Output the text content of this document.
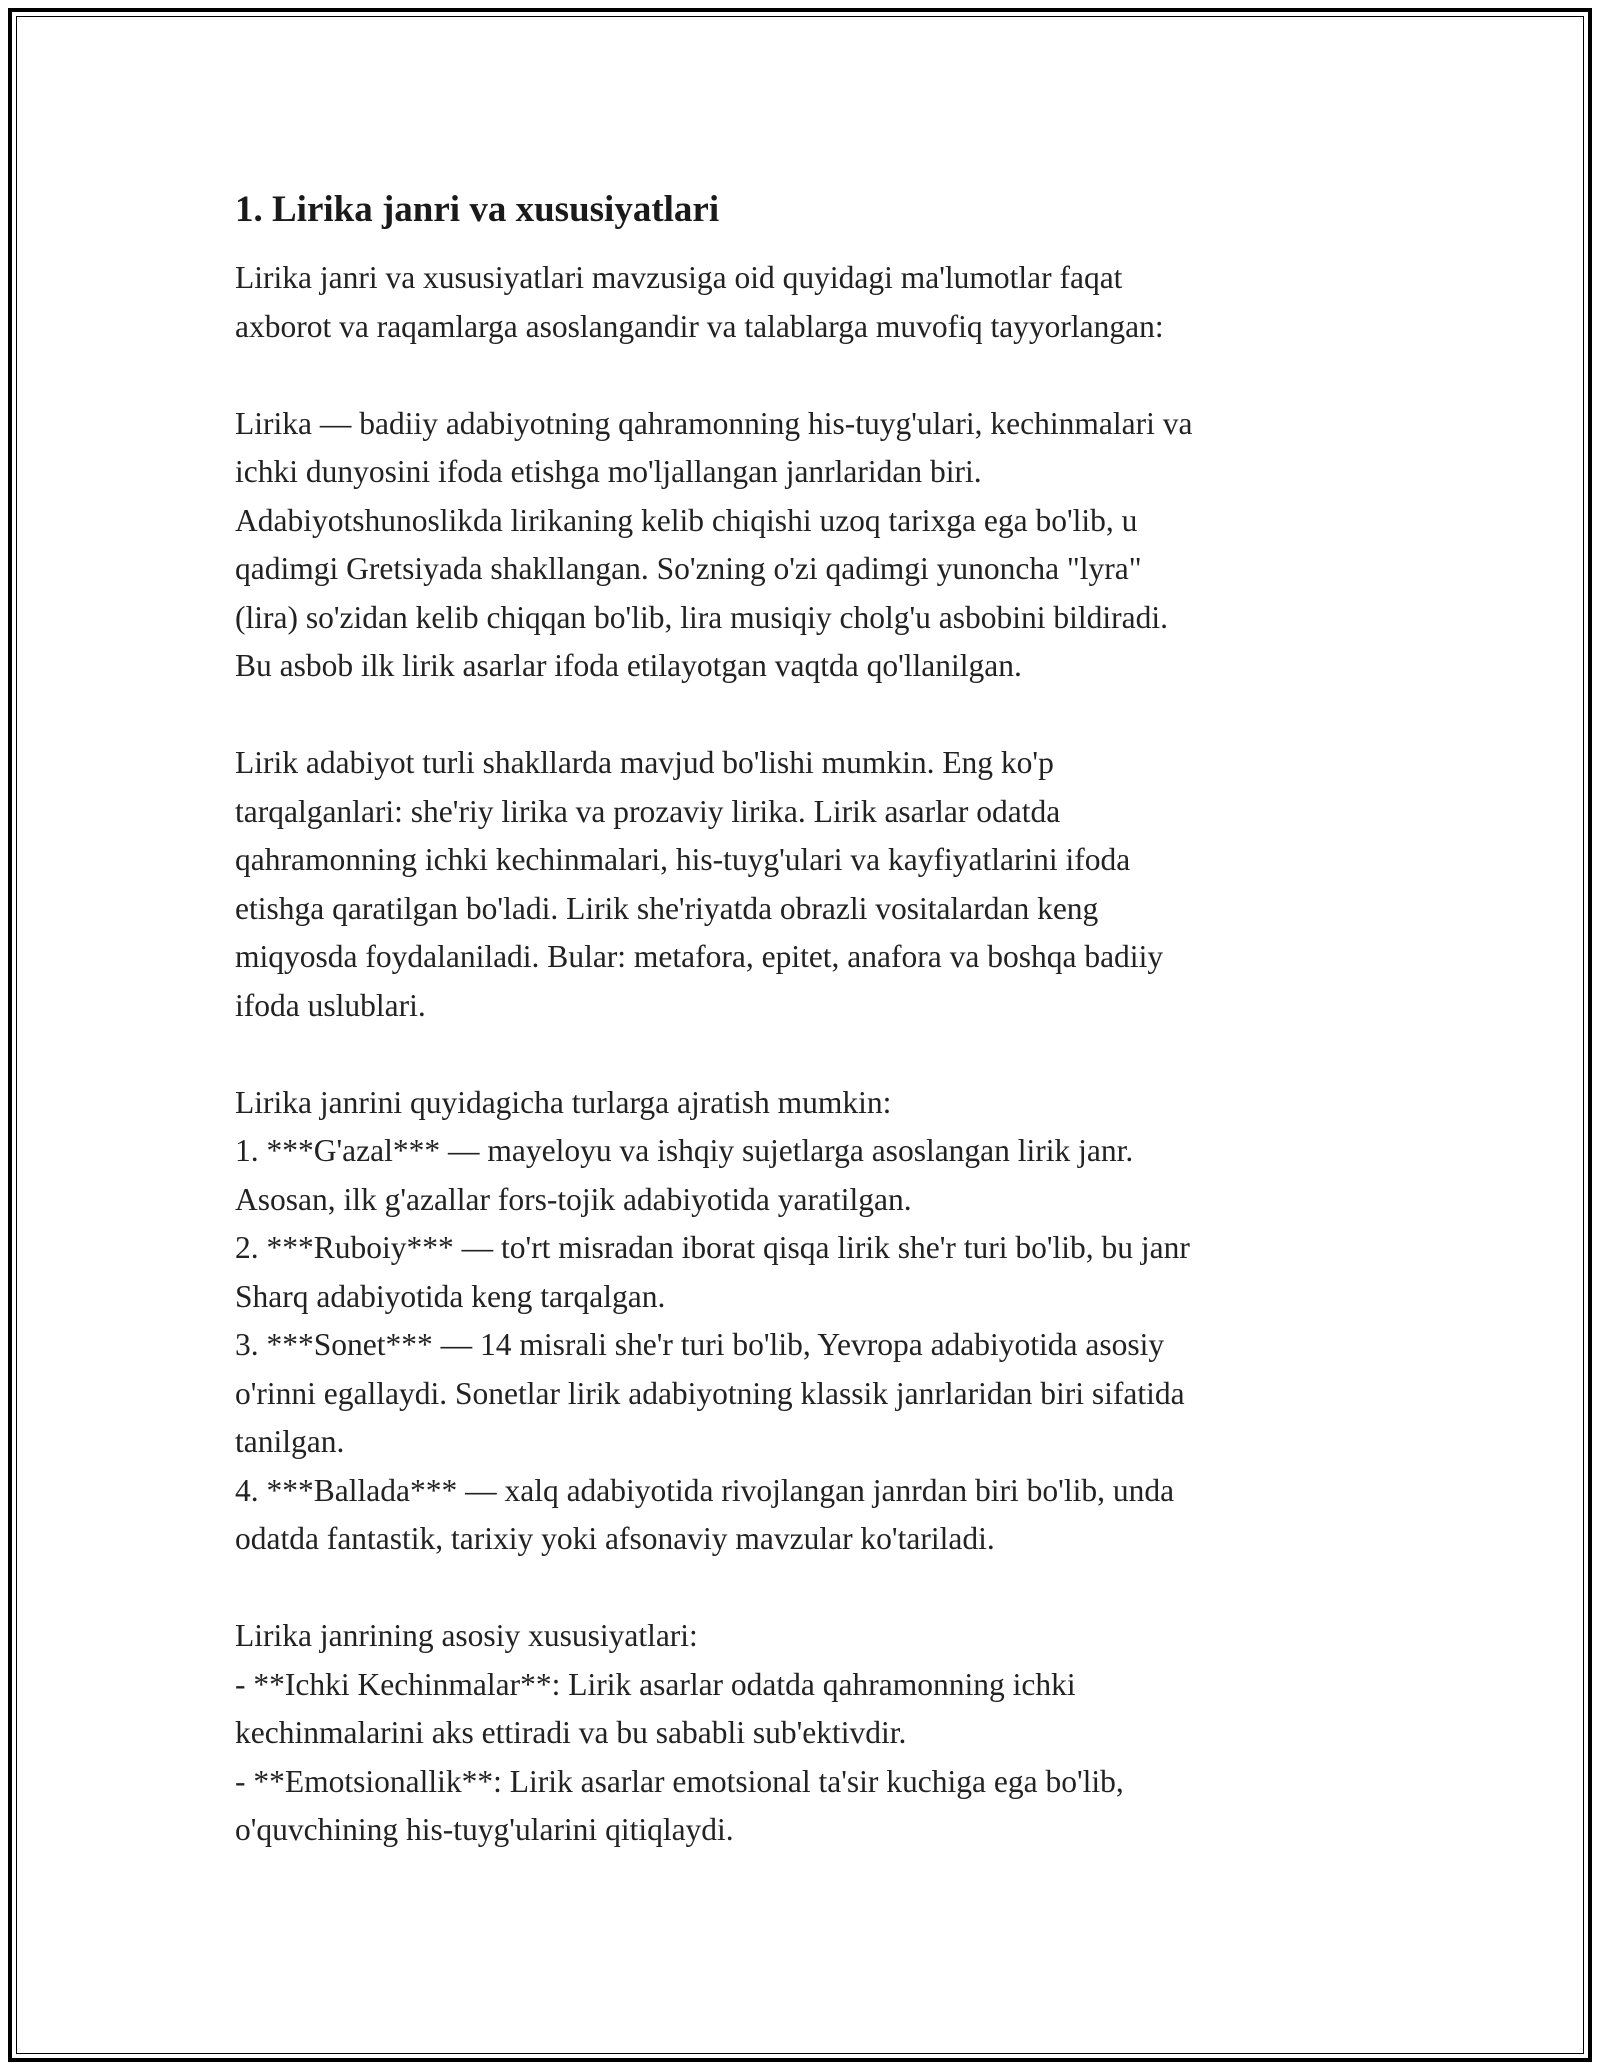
1. Lirika janri va xususiyatlari

Lirika janri va xususiyatlari mavzusiga oid quyidagi ma'lumotlar faqat
axborot va raqamlarga asoslangandir va talablarga muvofiq tayyorlangan:

Lirika — badiiy adabiyotning qahramonning his-tuyg'ulari, kechinmalari va
ichki dunyosini ifoda etishga mo'ljallangan janrlaridan biri.
Adabiyotshunoslikda lirikaning kelib chiqishi uzoq tarixga ega bo'lib, u
qadimgi Gretsiyada shakllangan. So'zning o'zi qadimgi yunoncha "lyra"
(lira) so'zidan kelib chiqqan bo'lib, lira musiqiy cholg'u asbobini bildiradi.
Bu asbob ilk lirik asarlar ifoda etilayotgan vaqtda qo'llanilgan.

Lirik adabiyot turli shakllarda mavjud bo'lishi mumkin. Eng ko'p
tarqalganlari: she'riy lirika va prozaviy lirika. Lirik asarlar odatda
qahramonning ichki kechinmalari, his-tuyg'ulari va kayfiyatlarini ifoda
etishga qaratilgan bo'ladi. Lirik she'riyatda obrazli vositalardan keng
miqyosda foydalaniladi. Bular: metafora, epitet, anafora va boshqa badiiy
ifoda uslublari.

Lirika janrini quyidagicha turlarga ajratish mumkin:
1. ***G'azal*** — mayeloyu va ishqiy sujetlarga asoslangan lirik janr.
Asosan, ilk g'azallar fors-tojik adabiyotida yaratilgan.
2. ***Ruboiy*** — to'rt misradan iborat qisqa lirik she'r turi bo'lib, bu janr
Sharq adabiyotida keng tarqalgan.
3. ***Sonet*** — 14 misrali she'r turi bo'lib, Yevropa adabiyotida asosiy
o'rinni egallaydi. Sonetlar lirik adabiyotning klassik janrlaridan biri sifatida
tanilgan.
4. ***Ballada*** — xalq adabiyotida rivojlangan janrdan biri bo'lib, unda
odatda fantastik, tarixiy yoki afsonaviy mavzular ko'tariladi.

Lirika janrining asosiy xususiyatlari:
- **Ichki Kechinmalar**: Lirik asarlar odatda qahramonning ichki
kechinmalarini aks ettiradi va bu sababli sub'ektivdir.
- **Emotsionallik**: Lirik asarlar emotsional ta'sir kuchiga ega bo'lib,
o'quvchining his-tuyg'ularini qitiqlaydi.
